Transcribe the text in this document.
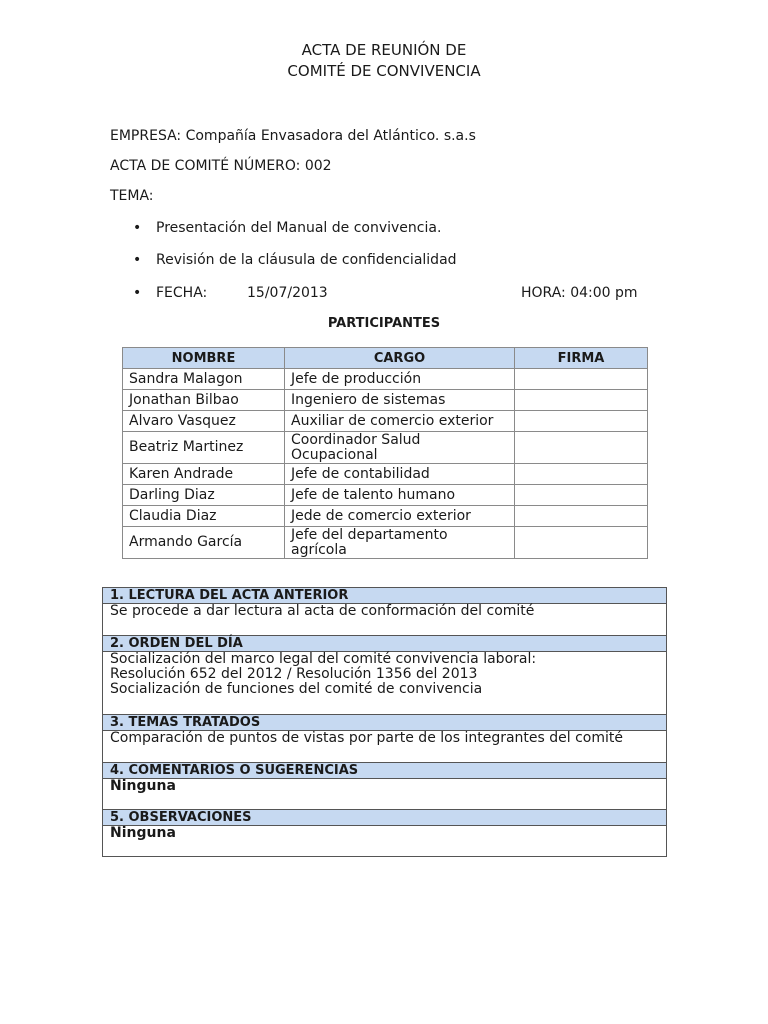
ACTA DE REUNIÓN DE
COMITÉ DE CONVIVENCIA
EMPRESA: Compañía Envasadora del Atlántico. s.a.s
ACTA DE COMITÉ NÚMERO: 002
TEMA:
• Presentación del Manual de convivencia.
• Revisión de la cláusula de confidencialidad
• FECHA:	15/07/2013	HORA: 04:00 pm
PARTICIPANTES
NOMBRE	CARGO	FIRMA
Sandra Malagon	Jefe de producción	
Jonathan Bilbao	Ingeniero de sistemas	
Alvaro Vasquez	Auxiliar de comercio exterior	
Beatriz Martinez	Coordinador Salud
Ocupacional	

Karen Andrade	Jefe de contabilidad	
Darling Diaz	Jefe de talento humano	
Claudia Diaz	Jede de comercio exterior	
Armando García	Jefe del departamento
agrícola	

1. LECTURA DEL ACTA ANTERIOR

Se procede a dar lectura al acta de conformación del comité

2. ORDEN DEL DÍA

Socialización del marco legal del comité convivencia laboral:
Resolución 652 del 2012 / Resolución 1356 del 2013
Socialización de funciones del comité de convivencia

3. TEMAS TRATADOS

Comparación de puntos de vistas por parte de los integrantes del comité

4. COMENTARIOS O SUGERENCIAS

Ninguna

5. OBSERVACIONES

Ninguna
